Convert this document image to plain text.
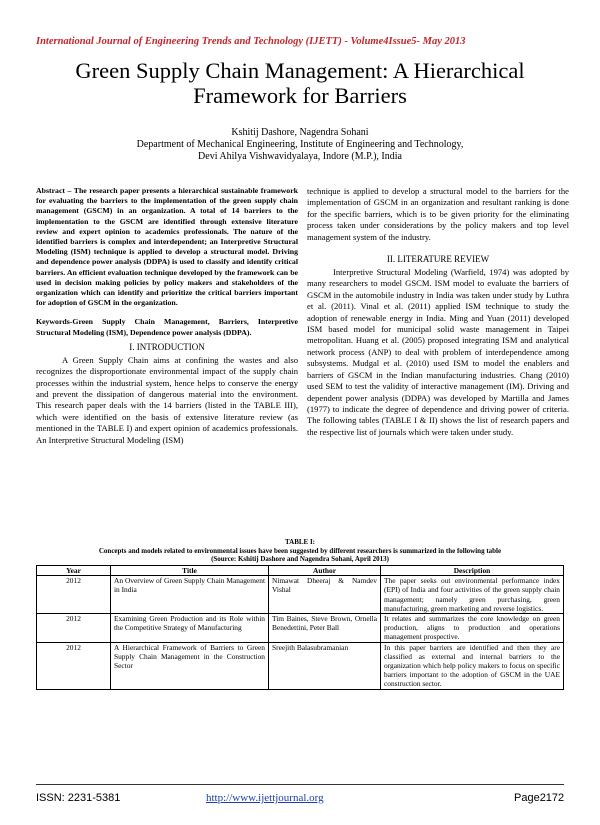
International Journal of Engineering Trends and Technology (IJETT) - Volume4Issue5- May 2013
Green Supply Chain Management: A Hierarchical
Framework for Barriers
Kshitij Dashore, Nagendra Sohani
Department of Mechanical Engineering, Institute of Engineering and Technology,
Devi Ahilya Vishwavidyalaya, Indore (M.P.), India

Abstract – The research paper presents a hierarchical sustainable framework for evaluating the barriers to the implementation of the green supply chain management (GSCM) in an organization. A total of 14 barriers to the implementation to the GSCM are identified through extensive literature review and expert opinion to academics professionals. The nature of the identified barriers is complex and interdependent; an Interpretive Structural Modeling (ISM) technique is applied to develop a structural model. Driving and dependence power analysis (DDPA) is used to classify and identify critical barriers. An efficient evaluation technique developed by the framework can be used in decision making policies by policy makers and stakeholders of the organization which can identify and prioritize the critical barriers important for adoption of GSCM in the organization.

Keywords-Green Supply Chain Management, Barriers, Interpretive Structural Modeling (ISM), Dependence power analysis (DDPA).

I. INTRODUCTION

A Green Supply Chain aims at confining the wastes and also recognizes the disproportionate environmental impact of the supply chain processes within the industrial system, hence helps to conserve the energy and prevent the dissipation of dangerous material into the environment. This research paper deals with the 14 barriers (listed in the TABLE III), which were identified on the basis of extensive literature review (as mentioned in the TABLE I) and expert opinion of academics professionals. An Interpretive Structural Modeling (ISM)

technique is applied to develop a structural model to the barriers for the implementation of GSCM in an organization and resultant ranking is done for the specific barriers, which is to be given priority for the eliminating process taken under considerations by the policy makers and top level management system of the industry.

II. LITERATURE REVIEW

Interpretive Structural Modeling (Warfield, 1974) was adopted by many researchers to model GSCM. ISM model to evaluate the barriers of GSCM in the automobile industry in India was taken under study by Luthra et al. (2011). Vinal et al. (2011) applied ISM technique to study the adoption of renewable energy in India. Ming and Yuan (2011) developed ISM based model for municipal solid waste management in Taipei metropolitan. Huang et al. (2005) proposed integrating ISM and analytical network process (ANP) to deal with problem of interdependence among subsystems. Mudgal et al. (2010) used ISM to model the enablers and barriers of GSCM in the Indian manufacturing industries. Chang (2010) used SEM to test the validity of interactive management (IM). Driving and dependent power analysis (DDPA) was developed by Martilla and James (1977) to indicate the degree of dependence and driving power of criteria. The following tables (TABLE I & II) shows the list of research papers and the respective list of journals which were taken under study.

TABLE I:
Concepts and models related to environmental issues have been suggested by different researchers is summarized in the following table
(Source: Kshitij Dashore and Nagendra Sohani, April 2013)
Year	Title	Author	Description
2012	An Overview of Green Supply Chain Management in India	Nimawat Dheeraj & Namdev Vishal	The paper seeks out environmental performance index (EPI) of India and four activities of the green supply chain management; namely green purchasing, green manufacturing, green marketing and reverse logistics.
2012	Examining Green Production and its Role within the Competitive Strategy of Manufacturing	Tim Baines, Steve Brown, Ornella Benedettini, Peter Ball	It relates and summarizes the core knowledge on green production, aligns to production and operations management prospective.
2012	A Hierarchical Framework of Barriers to Green Supply Chain Management in the Construction Sector	Sreejith Balasubramanian	In this paper barriers are identified and then they are classified as external and internal barriers to the organization which help policy makers to focus on specific barriers important to the adoption of GSCM in the UAE construction sector.
ISSN: 2231-5381	http://www.ijettjournal.org	Page2172
